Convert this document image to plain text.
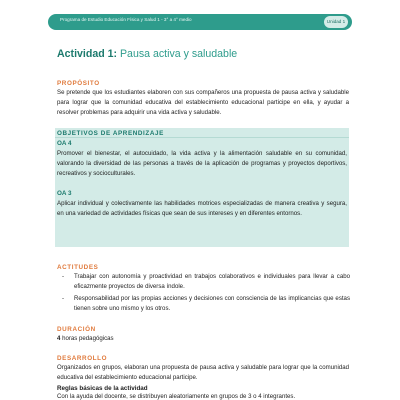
Programa de Estudio Educación Física y Salud 1 - 3° a 4° medio	Unidad 1
Actividad 1: Pausa activa y saludable
PROPÓSITO
Se pretende que los estudiantes elaboren con sus compañeros una propuesta de pausa activa y saludable para lograr que la comunidad educativa del establecimiento educacional participe en ella, y ayudar a resolver problemas para adquirir una vida activa y saludable.
OBJETIVOS DE APRENDIZAJE
OA 4
Promover el bienestar, el autocuidado, la vida activa y la alimentación saludable en su comunidad, valorando la diversidad de las personas a través de la aplicación de programas y proyectos deportivos, recreativos y socioculturales.
OA 3
Aplicar individual y colectivamente las habilidades motrices especializadas de manera creativa y segura, en una variedad de actividades físicas que sean de sus intereses y en diferentes entornos.
ACTITUDES
- Trabajar con autonomía y proactividad en trabajos colaborativos e individuales para llevar a cabo eficazmente proyectos de diversa índole.
- Responsabilidad por las propias acciones y decisiones con consciencia de las implicancias que estas tienen sobre uno mismo y los otros.
DURACIÓN
4 horas pedagógicas
DESARROLLO
Organizados en grupos, elaboran una propuesta de pausa activa y saludable para lograr que la comunidad educativa del establecimiento educacional participe.
Reglas básicas de la actividad
Con la ayuda del docente, se distribuyen aleatoriamente en grupos de 3 o 4 integrantes.
